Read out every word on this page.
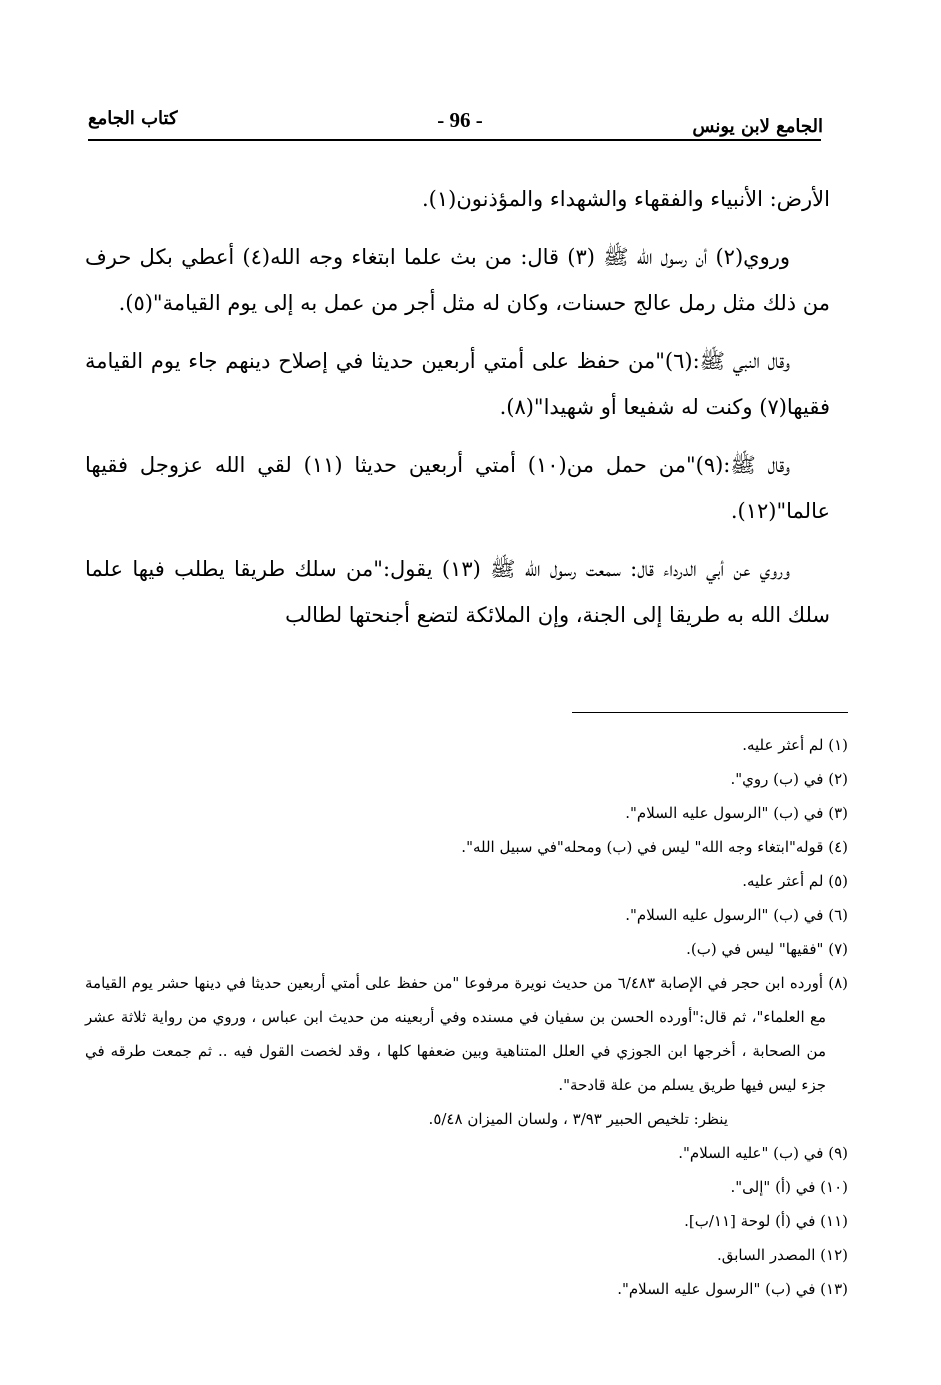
الجامع لابن يونس
- 96 -
كتاب الجامع

الأرض: الأنبياء والفقهاء والشهداء والمؤذنون(١).

وروي(٢) أن رسول الله ﷺ (٣) قال: من بث علما ابتغاء وجه الله(٤) أعطي بكل حرف من ذلك مثل رمل عالج حسنات، وكان له مثل أجر من عمل به إلى يوم القيامة"(٥).

وقال النبي ﷺ:(٦)"من حفظ على أمتي أربعين حديثا في إصلاح دينهم جاء يوم القيامة فقيها(٧) وكنت له شفيعا أو شهيدا"(٨).

وقال ﷺ:(٩)"من حمل من(١٠) أمتي أربعين حديثا (١١) لقي الله عزوجل فقيها عالما"(١٢).

وروي عن أبي الدرداء قال: سمعت رسول الله ﷺ (١٣) يقول:"من سلك طريقا يطلب فيها علما سلك الله به طريقا إلى الجنة، وإن الملائكة لتضع أجنحتها لطالب

(١) لم أعثر عليه.

(٢) في (ب) روي".

(٣) في (ب) "الرسول عليه السلام".

(٤) قوله"ابتغاء وجه الله" ليس في (ب) ومحله"في سبيل الله".

(٥) لم أعثر عليه.

(٦) في (ب) "الرسول عليه السلام".

(٧) "فقيها" ليس في (ب).

(٨) أورده ابن حجر في الإصابة ٦/٤٨٣ من حديث نويرة مرفوعا "من حفظ على أمتي أربعين حديثا في دينها حشر يوم القيامة مع العلماء"، ثم قال:"أورده الحسن بن سفيان في مسنده وفي أربعينه من حديث ابن عباس ، وروي من رواية ثلاثة عشر من الصحابة ، أخرجها ابن الجوزي في العلل المتناهية وبين ضعفها كلها ، وقد لخصت القول فيه .. ثم جمعت طرقه في جزء ليس فيها طريق يسلم من علة قادحة".

ينظر: تلخيص الحبير ٣/٩٣ ، ولسان الميزان ٥/٤٨.

(٩) في (ب) "عليه السلام".

(١٠) في (أ) "إلى".

(١١) في (أ) لوحة [١١/ب].

(١٢) المصدر السابق.

(١٣) في (ب) "الرسول عليه السلام".
